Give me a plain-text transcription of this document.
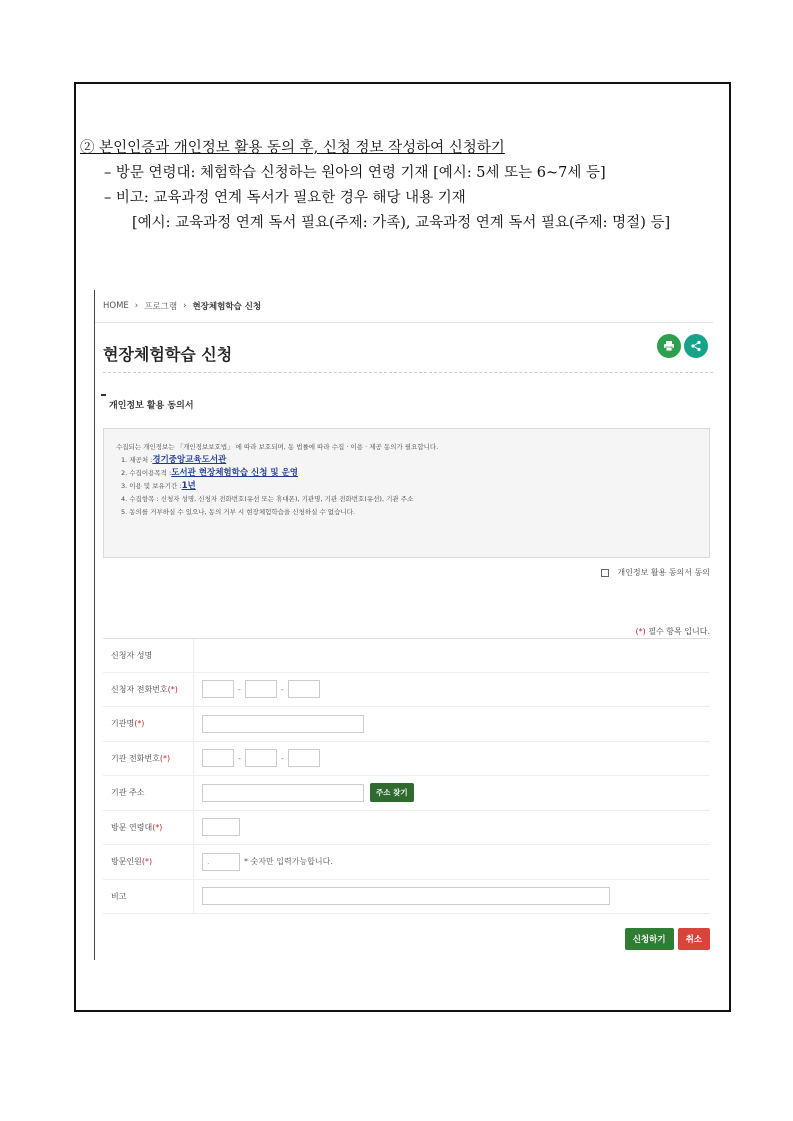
② 본인인증과 개인정보 활용 동의 후, 신청 정보 작성하여 신청하기
– 방문 연령대: 체험학습 신청하는 원아의 연령 기재 [예시: 5세 또는 6~7세 등]
– 비고: 교육과정 연계 독서가 필요한 경우 해당 내용 기재
[예시: 교육과정 연계 독서 필요(주제: 가족), 교육과정 연계 독서 필요(주제: 명절) 등]
HOME › 프로그램 › 현장체험학습 신청
현장체험학습 신청
개인정보 활용 동의서
수집되는 개인정보는 「개인정보보호법」 에 따라 보호되며, 동 법률에 따라 수집 · 이용 · 제공 동의가 필요합니다.
1. 제공처 :경기중앙교육도서관
2. 수집이용목적 :도서관 현장체험학습 신청 및 운영
3. 이용 및 보유기간 :1년
4. 수집항목 : 신청자 성명, 신청자 전화번호(유선 또는 휴대폰), 기관명, 기관 전화번호(유선), 기관 주소
5. 동의를 거부하실 수 있으나, 동의 거부 시 현장체험학습을 신청하실 수 없습니다.
개인정보 활용 동의서 동의
(*) 필수 항목 입니다.
신청자 성명
신청자 전화번호 (*)	-	-
기관명 (*)
기관 전화번호 (*)	-	-
기관 주소	주소 찾기
방문 연령대 (*)
방문인원 (*)	.	* 숫자만 입력가능합니다.
비고
신청하기	취소
